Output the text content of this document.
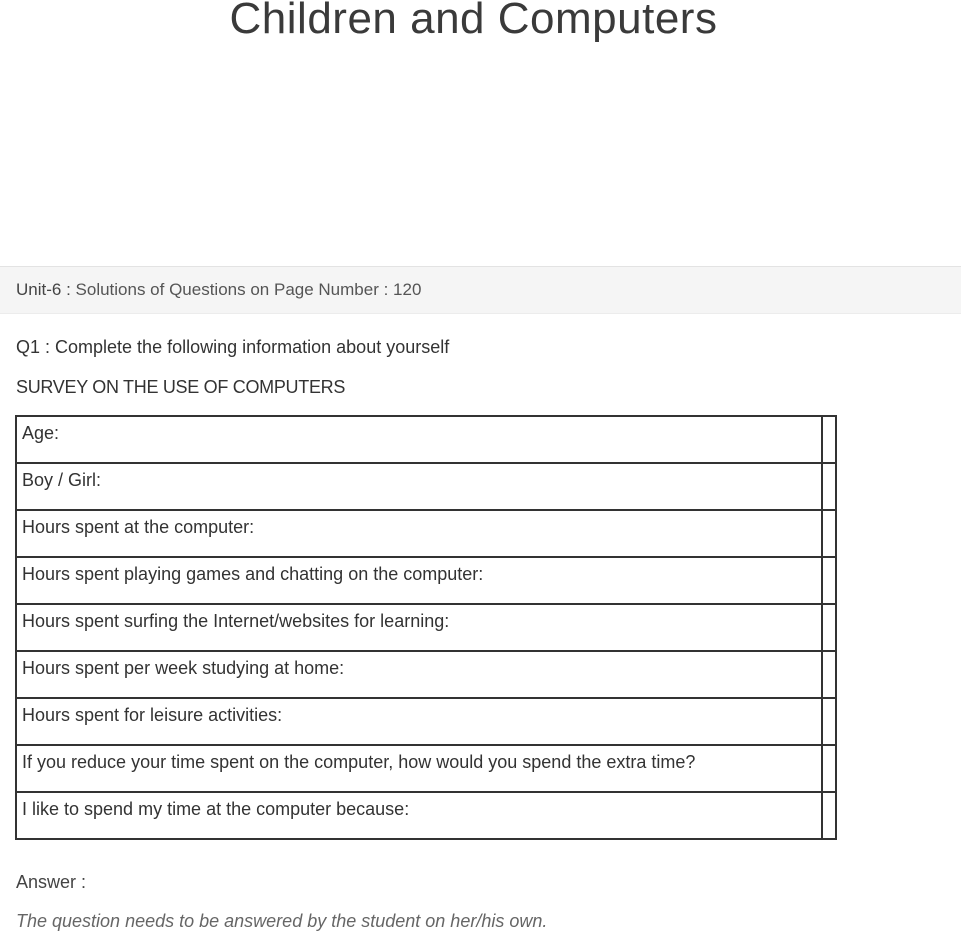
Children and Computers
Unit-6 : Solutions of Questions on Page Number : 120
Q1 : Complete the following information about yourself
SURVEY ON THE USE OF COMPUTERS
Age:	
Boy / Girl:	
Hours spent at the computer:	
Hours spent playing games and chatting on the computer:	
Hours spent surfing the Internet/websites for learning:	
Hours spent per week studying at home:	
Hours spent for leisure activities:	
If you reduce your time spent on the computer, how would you spend the extra time?	
I like to spend my time at the computer because:	
Answer :
The question needs to be answered by the student on her/his own.
